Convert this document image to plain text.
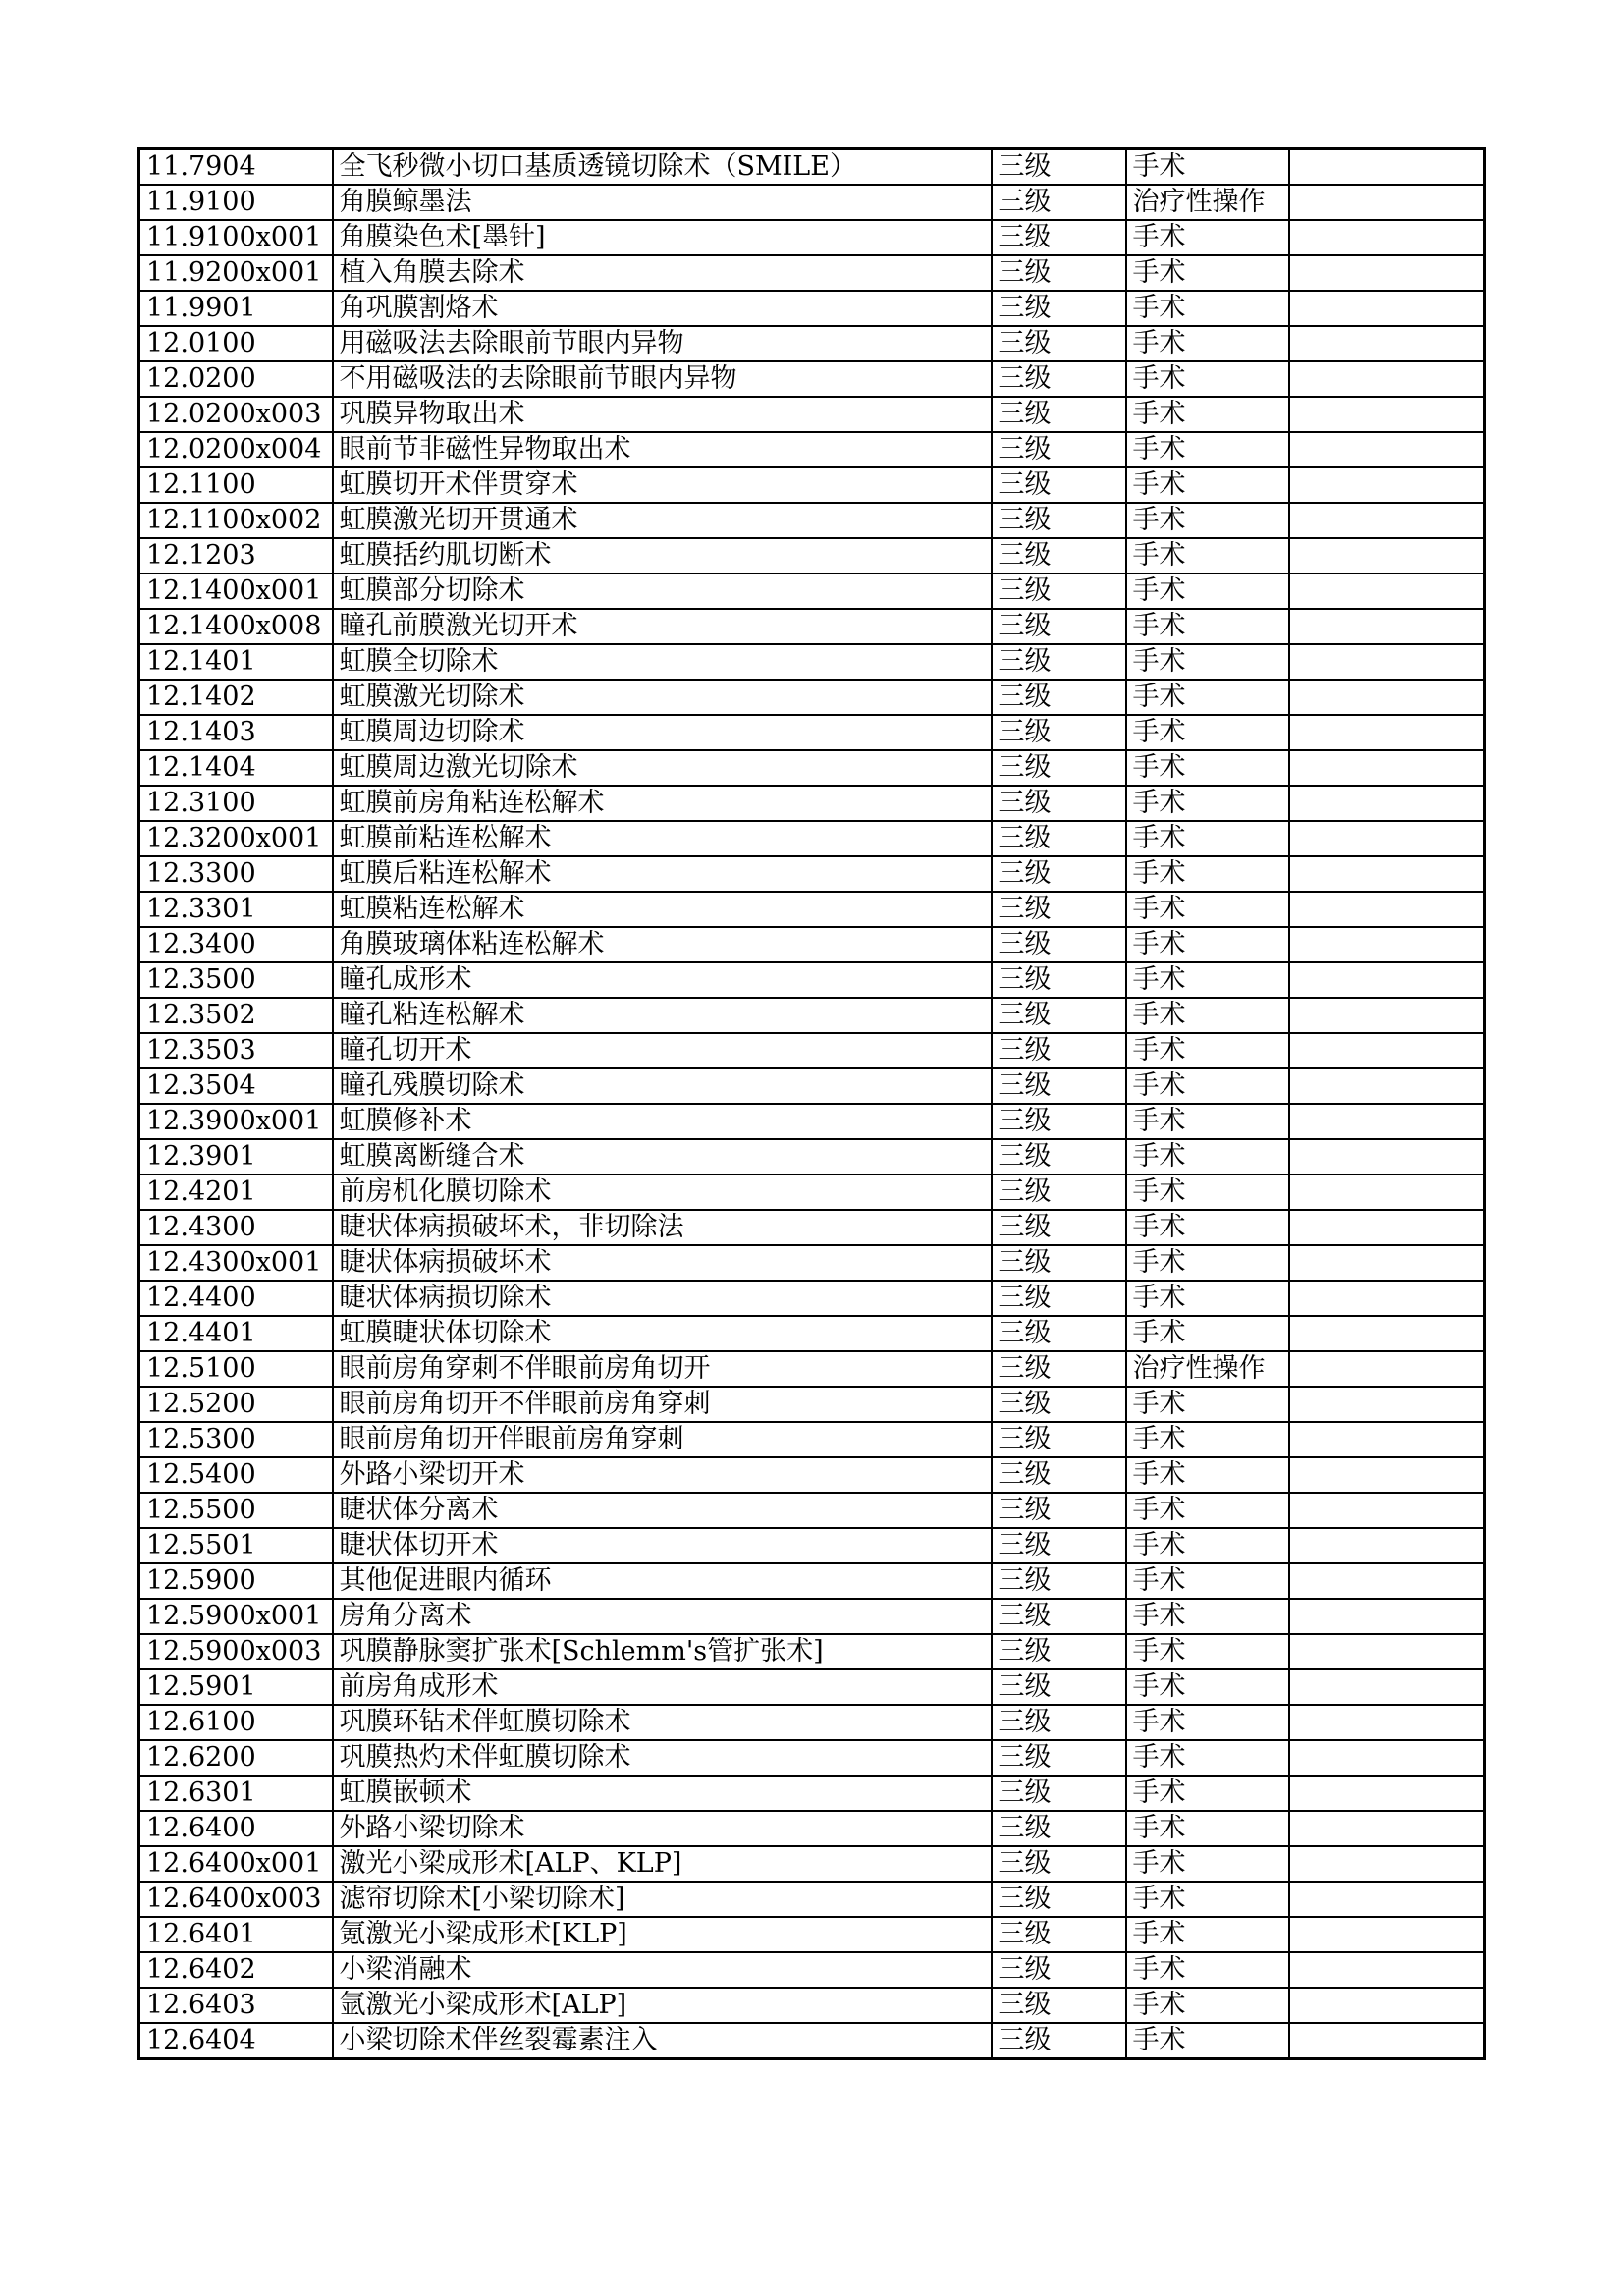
11.7904	全飞秒微小切口基质透镜切除术（SMILE）	三级	手术	
11.9100	角膜鲸墨法	三级	治疗性操作	
11.9100x001	角膜染色术[墨针]	三级	手术	
11.9200x001	植入角膜去除术	三级	手术	
11.9901	角巩膜割烙术	三级	手术	
12.0100	用磁吸法去除眼前节眼内异物	三级	手术	
12.0200	不用磁吸法的去除眼前节眼内异物	三级	手术	
12.0200x003	巩膜异物取出术	三级	手术	
12.0200x004	眼前节非磁性异物取出术	三级	手术	
12.1100	虹膜切开术伴贯穿术	三级	手术	
12.1100x002	虹膜激光切开贯通术	三级	手术	
12.1203	虹膜括约肌切断术	三级	手术	
12.1400x001	虹膜部分切除术	三级	手术	
12.1400x008	瞳孔前膜激光切开术	三级	手术	
12.1401	虹膜全切除术	三级	手术	
12.1402	虹膜激光切除术	三级	手术	
12.1403	虹膜周边切除术	三级	手术	
12.1404	虹膜周边激光切除术	三级	手术	
12.3100	虹膜前房角粘连松解术	三级	手术	
12.3200x001	虹膜前粘连松解术	三级	手术	
12.3300	虹膜后粘连松解术	三级	手术	
12.3301	虹膜粘连松解术	三级	手术	
12.3400	角膜玻璃体粘连松解术	三级	手术	
12.3500	瞳孔成形术	三级	手术	
12.3502	瞳孔粘连松解术	三级	手术	
12.3503	瞳孔切开术	三级	手术	
12.3504	瞳孔残膜切除术	三级	手术	
12.3900x001	虹膜修补术	三级	手术	
12.3901	虹膜离断缝合术	三级	手术	
12.4201	前房机化膜切除术	三级	手术	
12.4300	睫状体病损破坏术，非切除法	三级	手术	
12.4300x001	睫状体病损破坏术	三级	手术	
12.4400	睫状体病损切除术	三级	手术	
12.4401	虹膜睫状体切除术	三级	手术	
12.5100	眼前房角穿刺不伴眼前房角切开	三级	治疗性操作	
12.5200	眼前房角切开不伴眼前房角穿刺	三级	手术	
12.5300	眼前房角切开伴眼前房角穿刺	三级	手术	
12.5400	外路小梁切开术	三级	手术	
12.5500	睫状体分离术	三级	手术	
12.5501	睫状体切开术	三级	手术	
12.5900	其他促进眼内循环	三级	手术	
12.5900x001	房角分离术	三级	手术	
12.5900x003	巩膜静脉窦扩张术[Schlemm's管扩张术]	三级	手术	
12.5901	前房角成形术	三级	手术	
12.6100	巩膜环钻术伴虹膜切除术	三级	手术	
12.6200	巩膜热灼术伴虹膜切除术	三级	手术	
12.6301	虹膜嵌顿术	三级	手术	
12.6400	外路小梁切除术	三级	手术	
12.6400x001	激光小梁成形术[ALP、KLP]	三级	手术	
12.6400x003	滤帘切除术[小梁切除术]	三级	手术	
12.6401	氪激光小梁成形术[KLP]	三级	手术	
12.6402	小梁消融术	三级	手术	
12.6403	氩激光小梁成形术[ALP]	三级	手术	
12.6404	小梁切除术伴丝裂霉素注入	三级	手术	
